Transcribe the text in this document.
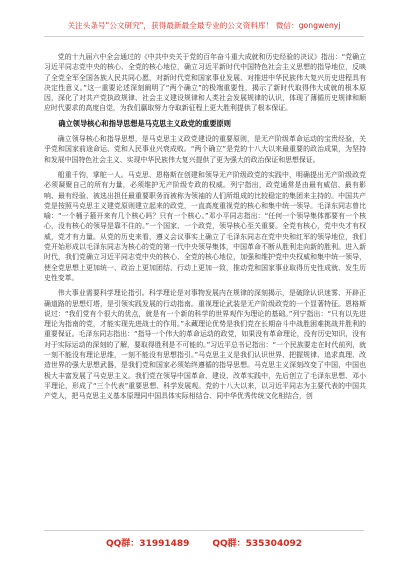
关注头条号"公文研究"，获得最新最全最专业的公文资料库！ 微信：gongwenyj

党的十九届六中全会通过的《中共中央关于党的百年奋斗重大成就和历史经验的决议》指出：“党确立习近平同志党中央的核心、全党的核心地位，确立习近平新时代中国特色社会主义思想的指导地位，反映了全党全军全国各族人民共同心愿，对新时代党和国家事业发展、对推进中华民族伟大复兴历史进程具有决定性意义。”这一重要论述深刻阐明了“两个确立”的极端重要性，揭示了新时代取得伟大成就的根本原因，深化了对共产党执政规律、社会主义建设规律和人类社会发展规律的认识，体现了薄循历史规律和顺应时代要求的高度自觉，为我们赢取努力夺取新征程上更大胜利提供了根本保证。

确立领导核心和指导思想是马克思主义政党的重要原则

确立领导核心和指导思想，是马克思主义政党建设的重要原则，是无产阶级革命运动的宝贵经验，关乎党和国家前途命运、党和人民事业兴衰成败。“两个确立”是党的十八大以来最重要的政治成果，为坚持和发展中国特色社会主义、实现中华民族伟大复兴提供了更为强大的政治保证和思想保证。

船重千钧，掌舵一人。马克思、恩格斯在创建和领导无产阶级政党的实践中，明确提出无产阶级政党必须凝聚自己的所有力量，必须维护无产阶级专政的权威。列宁指出，政党通常是由最有威信、最有影响、最有经验、被选出担任最重要职务而被称为领袖的人们所组成的比较稳定的集团来主持的。中国共产党是按照马克思主义建党原则建立起来的政党，一直高度重视党的核心和集中统一领导。毛泽东同志曾比喻：“一个桶子箍开来有几个核心吗？只有一个核心。”邓小平同志指出：“任何一个领导集体都要有一个核心，没有核心的领导是靠不住的。”一个国家、一个政党，领导核心至关重要。全党有核心，党中央才有权威，党才有力量。从党的历史来看，遵义会议事实上确立了毛泽东同志在党中央和红军的领导地位，我们党开始形成以毛泽东同志为核心的党的第一代中央领导集体，中国革命不断从胜利走向新的胜利。进入新时代，我们党确立习近平同志党中央的核心、全党的核心地位，加强和维护党中央权威和集中统一领导，使全党思想上更加统一、政治上更加团结、行动上更加一致，推动党和国家事业取得历史性成就、发生历史性变革。

伟大事业需要科学理论指引。科学理论是对事物发展内在规律的深刻揭示，是破除认识迷雾、开辟正确道路的思想灯塔，是引领实践发展的行动指南。重视理论武装是无产阶级政党的一个显著特征。恩格斯说过：“我们党有个很大的优点，就是有一个新的科学的世界观作为理论的基础。”列宁指出：“只有以先进理论为指南的党，才能实现先进战士的作用。”永藏理论优势是我们党在长期奋斗中战胜困难挑战并胜利的重要保证。毛泽东同志指出：“指导一个伟大的革命运动的政党，如果没有革命理论，没有历史知识，没有对于实际运动的深刻的了解，要取得胜利是不可能的。”习近平总书记指出：“一个民族要走在时代前列，就一刻不能没有理论思维，一刻不能没有思想指引。”马克思主义是我们认识世界、把握规律、追求真理、改造世界的强大思想武器，是我们党和国家必须始终遵循的指导思想。马克思主义深刻改变了中国，中国也极大丰富发展了马克思主义。我们党在领导中国革命、建设、改革实践中，先后创立了毛泽东思想、邓小平理论，形成了“三个代表”重要思想、科学发展观。党的十八大以来，以习近平同志为主要代表的中国共产党人，把马克思主义基本原理同中国具体实际相结合、同中华优秀传统文化相结合，创

QQ群：31991489	QQ群：535304092
